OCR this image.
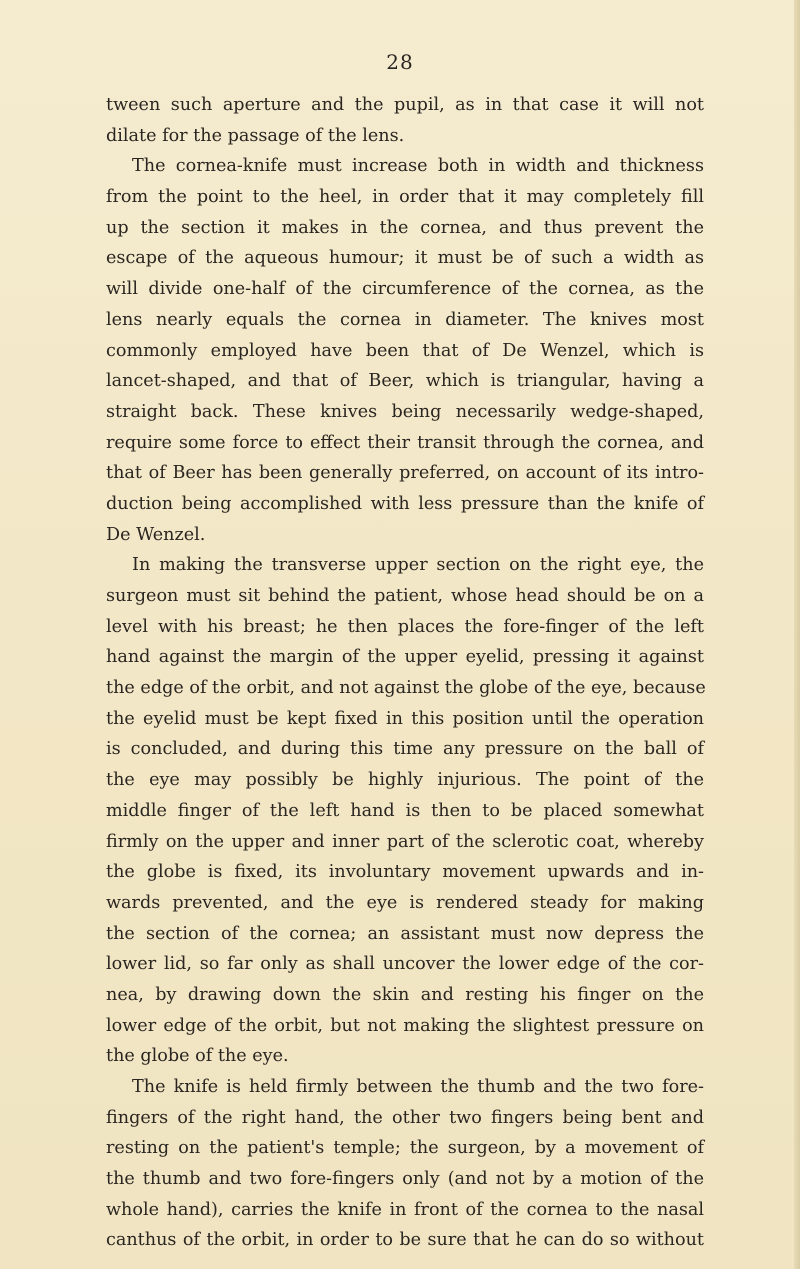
28
tween such aperture and the pupil, as in that case it will not
dilate for the passage of the lens.
The cornea-knife must increase both in width and thickness
from the point to the heel, in order that it may completely fill
up the section it makes in the cornea, and thus prevent the
escape of the aqueous humour; it must be of such a width as
will divide one-half of the circumference of the cornea, as the
lens nearly equals the cornea in diameter. The knives most
commonly employed have been that of De Wenzel, which is
lancet-shaped, and that of Beer, which is triangular, having a
straight back. These knives being necessarily wedge-shaped,
require some force to effect their transit through the cornea, and
that of Beer has been generally preferred, on account of its intro-
duction being accomplished with less pressure than the knife of
De Wenzel.
In making the transverse upper section on the right eye, the
surgeon must sit behind the patient, whose head should be on a
level with his breast; he then places the fore-finger of the left
hand against the margin of the upper eyelid, pressing it against
the edge of the orbit, and not against the globe of the eye, because
the eyelid must be kept fixed in this position until the operation
is concluded, and during this time any pressure on the ball of
the eye may possibly be highly injurious. The point of the
middle finger of the left hand is then to be placed somewhat
firmly on the upper and inner part of the sclerotic coat, whereby
the globe is fixed, its involuntary movement upwards and in-
wards prevented, and the eye is rendered steady for making
the section of the cornea; an assistant must now depress the
lower lid, so far only as shall uncover the lower edge of the cor-
nea, by drawing down the skin and resting his finger on the
lower edge of the orbit, but not making the slightest pressure on
the globe of the eye.
The knife is held firmly between the thumb and the two fore-
fingers of the right hand, the other two fingers being bent and
resting on the patient's temple; the surgeon, by a movement of
the thumb and two fore-fingers only (and not by a motion of the
whole hand), carries the knife in front of the cornea to the nasal
canthus of the orbit, in order to be sure that he can do so without
